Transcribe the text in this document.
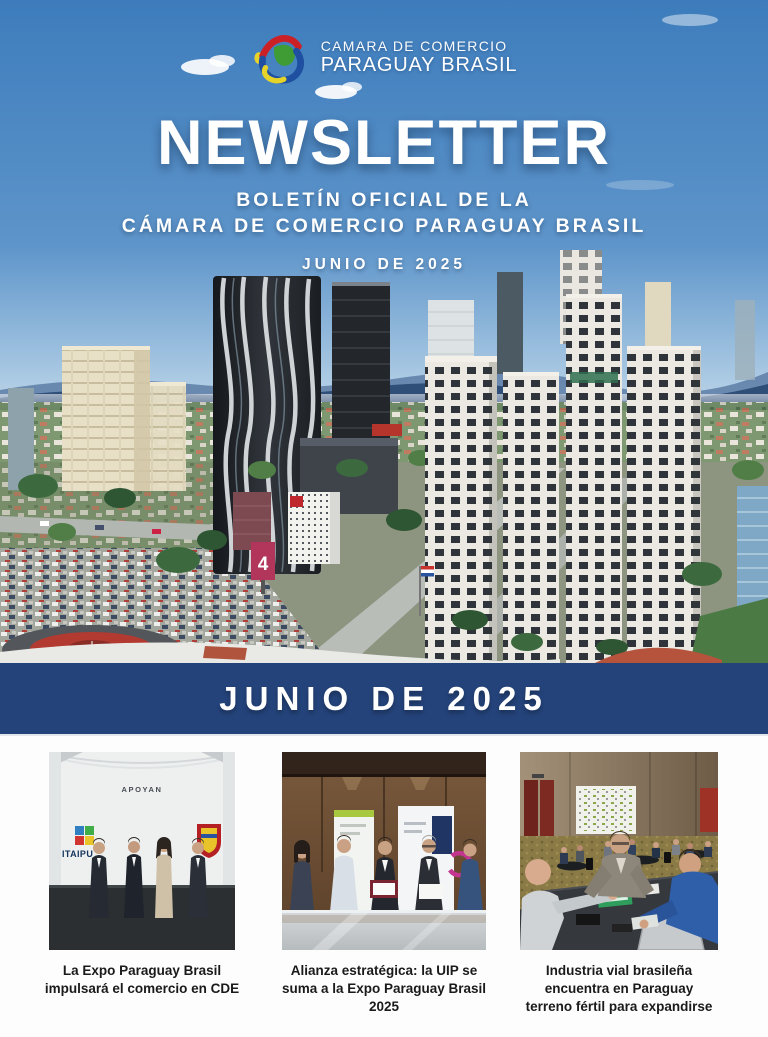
4
CAMARA DE COMERCIO
PARAGUAY BRASIL
NEWSLETTER
BOLETÍN OFICIAL DE LA
CÁMARA DE COMERCIO PARAGUAY BRASIL
JUNIO DE 2025
JUNIO DE 2025
APOYAN
ITAIPU
La Expo Paraguay Brasil
impulsará el comercio en CDE
Alianza estratégica: la UIP se
suma a la Expo Paraguay Brasil
2025
Industria vial brasileña
encuentra en Paraguay
terreno fértil para expandirse
